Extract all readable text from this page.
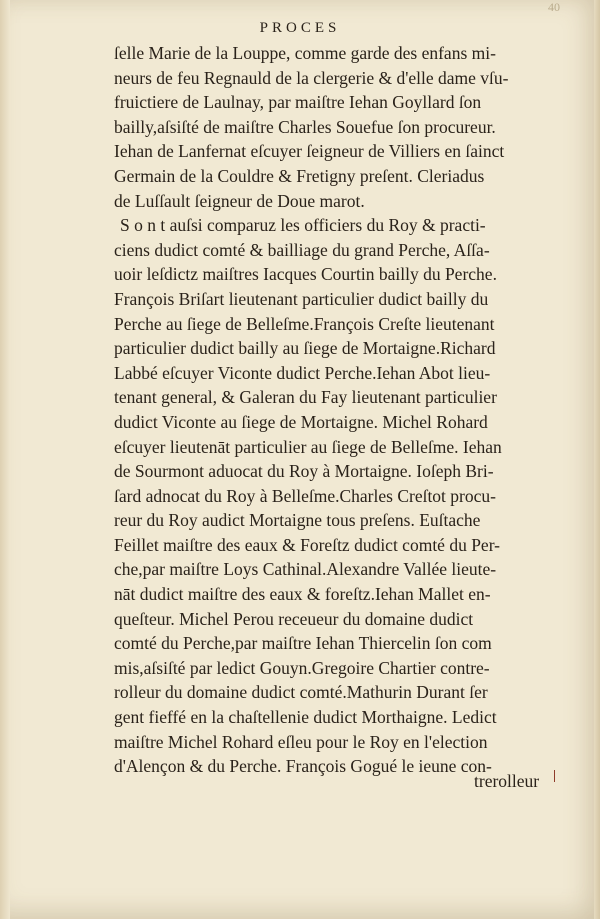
40
PROCES
ſelle Marie de la Louppe, comme garde des enfans mi-
neurs de feu Regnauld de la clergerie & d'elle dame vſu-
fruictiere de Laulnay, par maiſtre Iehan Goyllard ſon
bailly,aſsiſté de maiſtre Charles Souefue ſon procureur.
Iehan de Lanfernat eſcuyer ſeigneur de Villiers en ſainct
Germain de la Couldre & Fretigny preſent. Cleriadus
de Luſſault ſeigneur de Doue marot.
S o n t auſsi comparuz les officiers du Roy & practi-
ciens dudict comté & bailliage du grand Perche, Aſſa-
uoir leſdictz maiſtres Iacques Courtin bailly du Perche.
François Briſart lieutenant particulier dudict bailly du
Perche au ſiege de Belleſme.François Creſte lieutenant
particulier dudict bailly au ſiege de Mortaigne.Richard
Labbé eſcuyer Viconte dudict Perche.Iehan Abot lieu-
tenant general, & Galeran du Fay lieutenant particulier
dudict Viconte au ſiege de Mortaigne. Michel Rohard
eſcuyer lieutenāt particulier au ſiege de Belleſme. Iehan
de Sourmont aduocat du Roy à Mortaigne. Ioſeph Bri-
ſard adnocat du Roy à Belleſme.Charles Creſtot procu-
reur du Roy audict Mortaigne tous preſens. Euſtache
Feillet maiſtre des eaux & Foreſtz dudict comté du Per-
che,par maiſtre Loys Cathinal.Alexandre Vallée lieute-
nāt dudict maiſtre des eaux & foreſtz.Iehan Mallet en-
queſteur. Michel Perou receueur du domaine dudict
comté du Perche,par maiſtre Iehan Thiercelin ſon com
mis,aſsiſté par ledict Gouyn.Gregoire Chartier contre-
rolleur du domaine dudict comté.Mathurin Durant ſer
gent fieffé en la chaſtellenie dudict Morthaigne. Ledict
maiſtre Michel Rohard eſleu pour le Roy en l'election
d'Alençon & du Perche. François Gogué le ieune con-
trerolleur
